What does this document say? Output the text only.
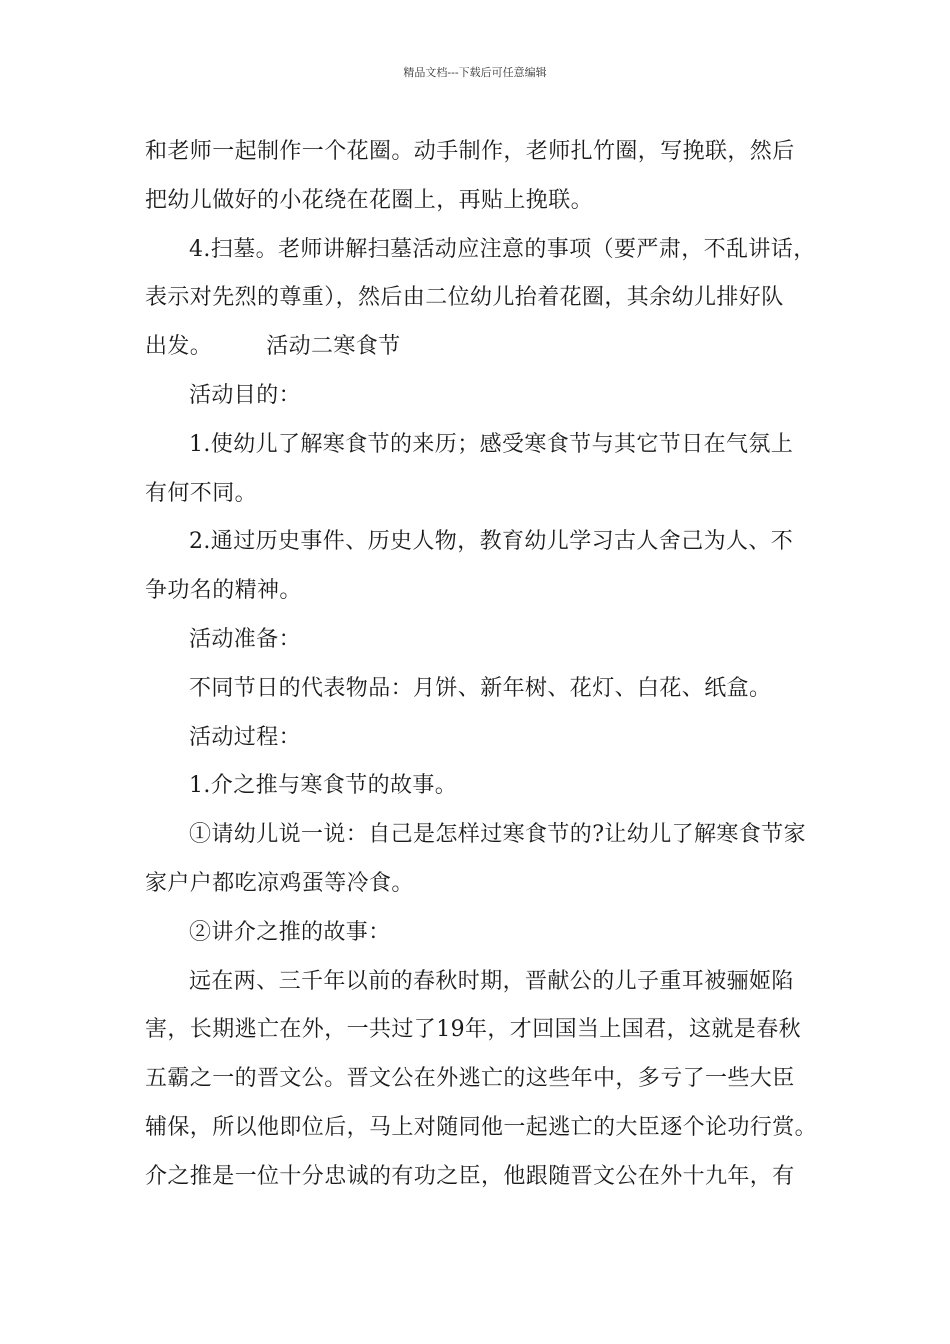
精品文档---下载后可任意编辑
和老师一起制作一个花圈。动手制作，老师扎竹圈，写挽联，然后
把幼儿做好的小花绕在花圈上，再贴上挽联。
4.扫墓。老师讲解扫墓活动应注意的事项（要严肃，不乱讲话，
表示对先烈的尊重），然后由二位幼儿抬着花圈，其余幼儿排好队
出发。 活动二寒食节
活动目的：
1.使幼儿了解寒食节的来历；感受寒食节与其它节日在气氛上
有何不同。
2.通过历史事件、历史人物，教育幼儿学习古人舍己为人、不
争功名的精神。
活动准备：
不同节日的代表物品：月饼、新年树、花灯、白花、纸盒。
活动过程：
1.介之推与寒食节的故事。
①请幼儿说一说：自己是怎样过寒食节的?让幼儿了解寒食节家
家户户都吃凉鸡蛋等冷食。
②讲介之推的故事：
远在两、三千年以前的春秋时期，晋献公的儿子重耳被骊姬陷
害，长期逃亡在外，一共过了19年，才回国当上国君，这就是春秋
五霸之一的晋文公。晋文公在外逃亡的这些年中，多亏了一些大臣
辅保，所以他即位后，马上对随同他一起逃亡的大臣逐个论功行赏。
介之推是一位十分忠诚的有功之臣，他跟随晋文公在外十九年，有
